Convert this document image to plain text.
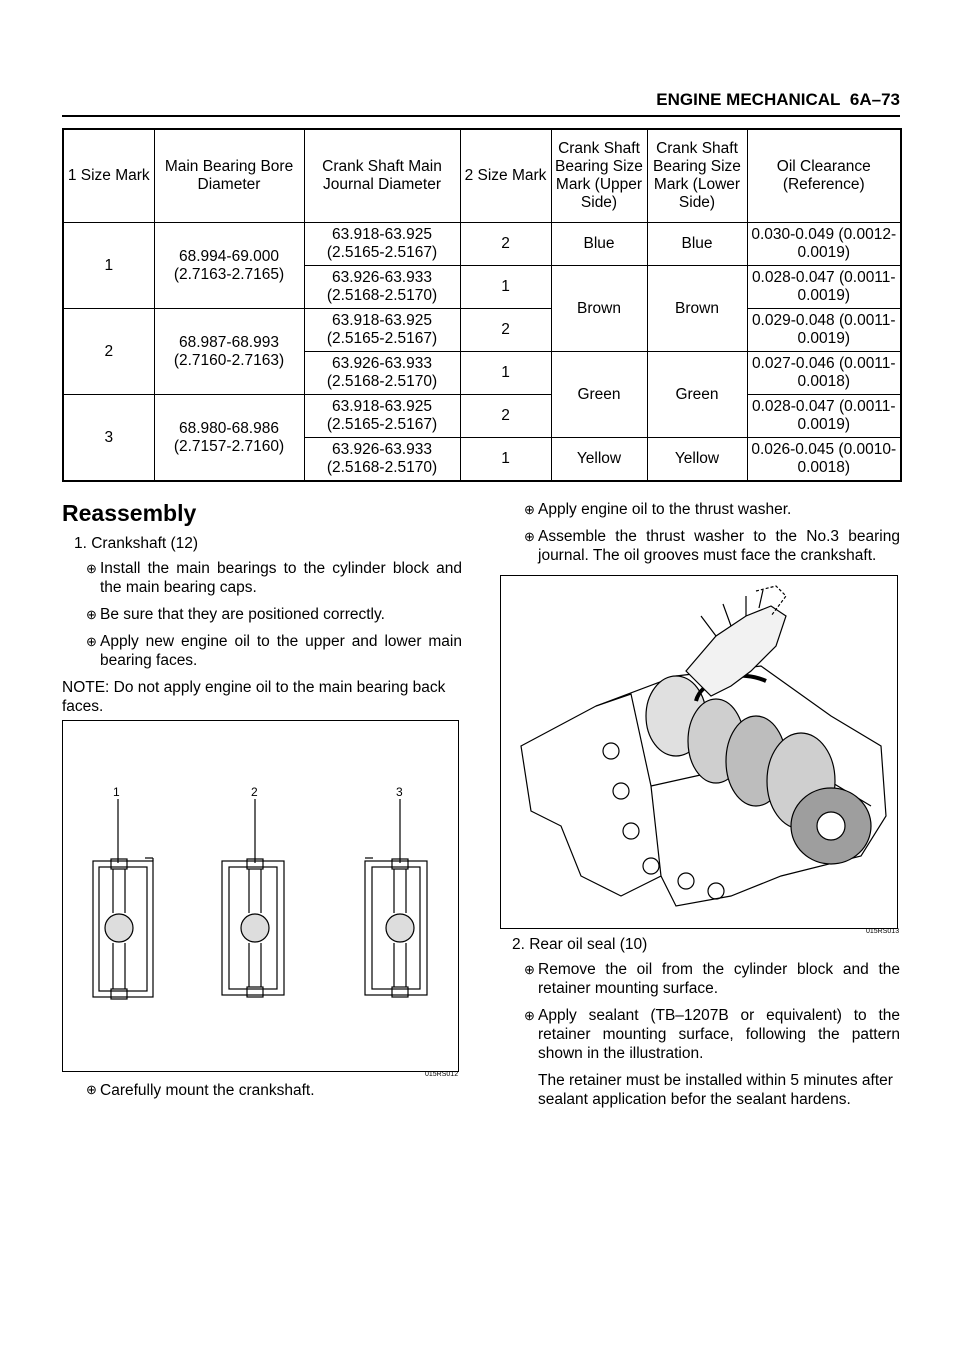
ENGINE MECHANICAL 6A–73
1 Size Mark	Main Bearing Bore Diameter	Crank Shaft Main Journal Diameter	2 Size Mark	Crank Shaft Bearing Size Mark (Upper Side)	Crank Shaft Bearing Size Mark (Lower Side)	Oil Clearance (Reference)
1	68.994-69.000 (2.7163-2.7165)	63.918-63.925 (2.5165-2.5167)	2	Blue	Blue	0.030-0.049 (0.0012-0.0019)
		63.926-63.933 (2.5168-2.5170)	1	Brown	Brown	0.028-0.047 (0.0011-0.0019)
2	68.987-68.993 (2.7160-2.7163)	63.918-63.925 (2.5165-2.5167)	2			0.029-0.048 (0.0011-0.0019)
		63.926-63.933 (2.5168-2.5170)	1	Green	Green	0.027-0.046 (0.0011-0.0018)
3	68.980-68.986 (2.7157-2.7160)	63.918-63.925 (2.5165-2.5167)	2			0.028-0.047 (0.0011-0.0019)
		63.926-63.933 (2.5168-2.5170)	1	Yellow	Yellow	0.026-0.045 (0.0010-0.0018)
Reassembly
1. Crankshaft (12)
⊕ Install the main bearings to the cylinder block and the main bearing caps.
⊕ Be sure that they are positioned correctly.
⊕ Apply new engine oil to the upper and lower main bearing faces.
NOTE: Do not apply engine oil to the main bearing back faces.
1	2	3
015RS012
⊕ Carefully mount the crankshaft.
⊕ Apply engine oil to the thrust washer.
⊕ Assemble the thrust washer to the No.3 bearing journal. The oil grooves must face the crankshaft.
015RS013
2. Rear oil seal (10)
⊕ Remove the oil from the cylinder block and the retainer mounting surface.
⊕ Apply sealant (TB–1207B or equivalent) to the retainer mounting surface, following the pattern shown in the illustration.
The retainer must be installed within 5 minutes after sealant application befor the sealant hardens.
